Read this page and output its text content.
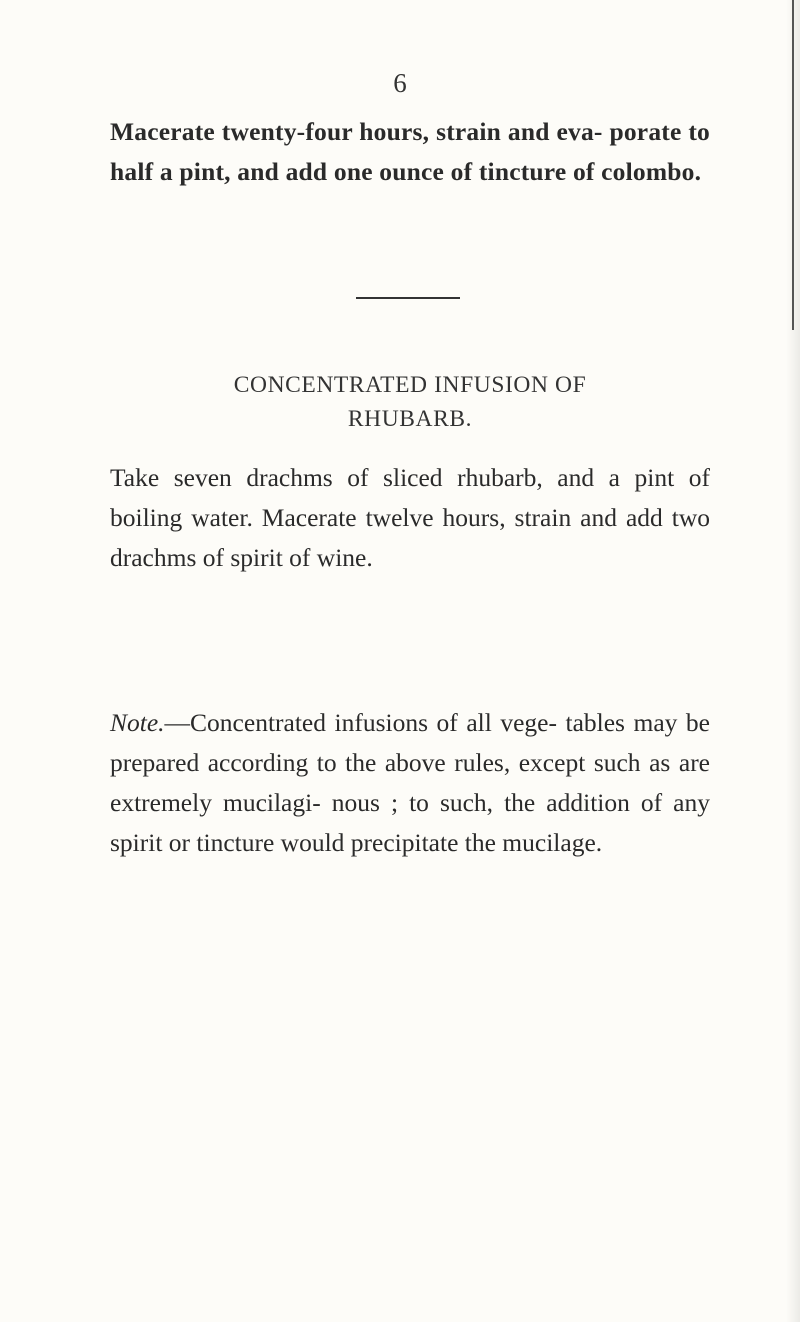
6
Macerate twenty-four hours, strain and eva- porate to half a pint, and add one ounce of tincture of colombo.
CONCENTRATED INFUSION OF
RHUBARB.
Take seven drachms of sliced rhubarb, and a pint of boiling water. Macerate twelve hours, strain and add two drachms of spirit of wine.
Note.—Concentrated infusions of all vege- tables may be prepared according to the above rules, except such as are extremely mucilagi- nous ; to such, the addition of any spirit or tincture would precipitate the mucilage.
